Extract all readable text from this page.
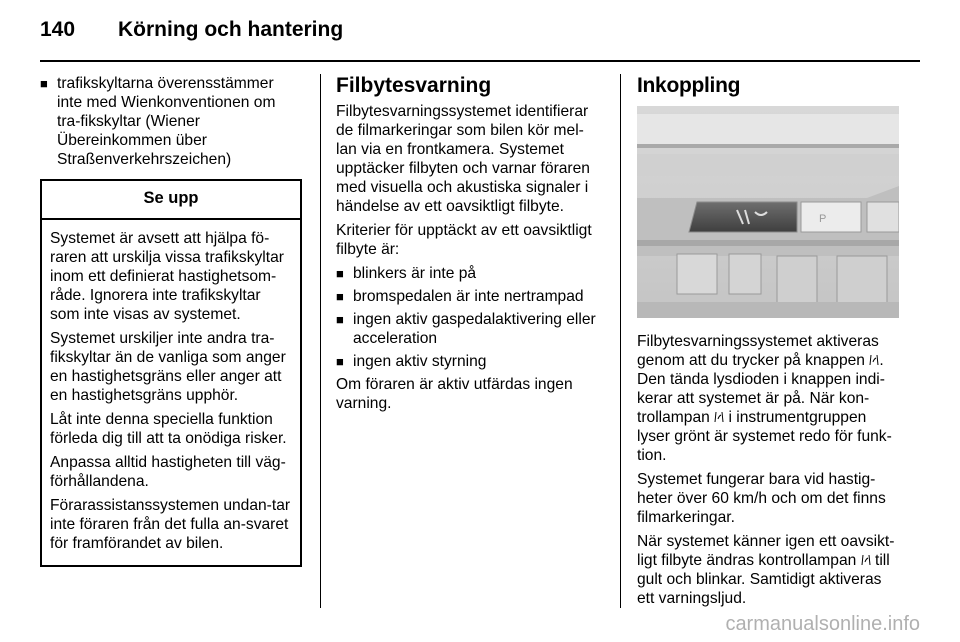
140 Körning och hantering
■ trafikskyltarna överensstämmer inte med Wienkonventionen om tra-fikskyltar (Wiener Übereinkommen über Straßenverkehrszeichen)
Se upp

Systemet är avsett att hjälpa fö-raren att urskilja vissa trafikskyltar inom ett definierat hastighetsom-råde. Ignorera inte trafikskyltar som inte visas av systemet.

Systemet urskiljer inte andra tra-fikskyltar än de vanliga som anger en hastighetsgräns eller anger att en hastighetsgräns upphör.

Låt inte denna speciella funktion förleda dig till att ta onödiga risker.

Anpassa alltid hastigheten till väg-förhållandena.

Förarassistanssystemen undan-tar inte föraren från det fulla an-svaret för framförandet av bilen.

Filbytesvarning

Filbytesvarningssystemet identifierar de filmarkeringar som bilen kör mel-lan via en frontkamera. Systemet upptäcker filbyten och varnar föraren med visuella och akustiska signaler i händelse av ett oavsiktligt filbyte.

Kriterier för upptäckt av ett oavsiktligt filbyte är:

■ blinkers är inte på
■ bromspedalen är inte nertrampad
■ ingen aktiv gaspedalaktivering eller acceleration
■ ingen aktiv styrning

Om föraren är aktiv utfärdas ingen varning.

Inkoppling
P

Filbytesvarningssystemet aktiveras genom att du trycker på knappen . Den tända lysdioden i knappen indi-kerar att systemet är på. När kon-trollampan i instrumentgruppen lyser grönt är systemet redo för funk-tion.

Systemet fungerar bara vid hastig-heter över 60 km/h och om det finns filmarkeringar.

När systemet känner igen ett oavsikt-ligt filbyte ändras kontrollampan till gult och blinkar. Samtidigt aktiveras ett varningsljud.

carmanualsonline.info
